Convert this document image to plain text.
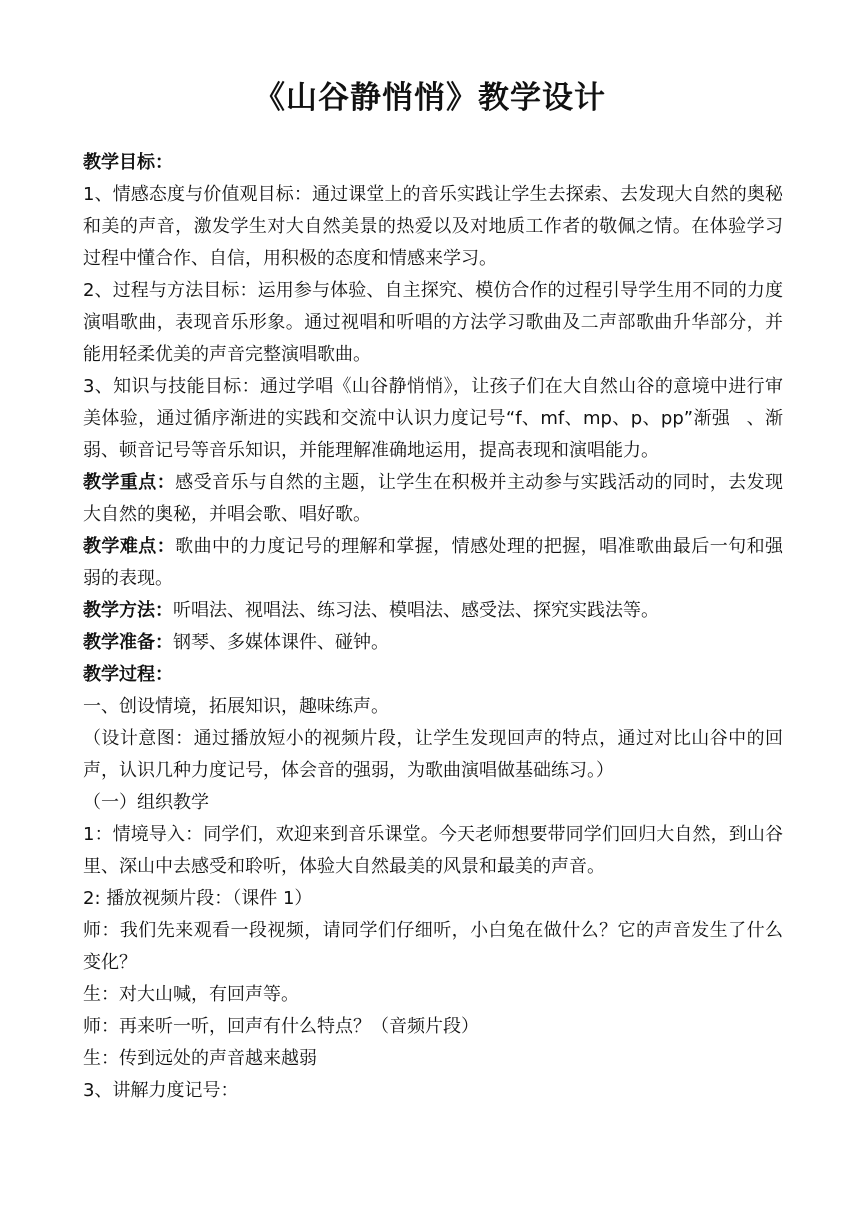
《山谷静悄悄》教学设计

教学目标：

1、情感态度与价值观目标：通过课堂上的音乐实践让学生去探索、去发现大自然的奥秘和美的声音，激发学生对大自然美景的热爱以及对地质工作者的敬佩之情。在体验学习过程中懂合作、自信，用积极的态度和情感来学习。

2、过程与方法目标：运用参与体验、自主探究、模仿合作的过程引导学生用不同的力度演唱歌曲，表现音乐形象。通过视唱和听唱的方法学习歌曲及二声部歌曲升华部分，并能用轻柔优美的声音完整演唱歌曲。

3、知识与技能目标：通过学唱《山谷静悄悄》，让孩子们在大自然山谷的意境中进行审美体验，通过循序渐进的实践和交流中认识力度记号“f、mf、mp、p、pp”渐强 、渐弱、顿音记号等音乐知识，并能理解准确地运用，提高表现和演唱能力。

教学重点：感受音乐与自然的主题，让学生在积极并主动参与实践活动的同时，去发现大自然的奥秘，并唱会歌、唱好歌。

教学难点：歌曲中的力度记号的理解和掌握，情感处理的把握，唱准歌曲最后一句和强弱的表现。

教学方法：听唱法、视唱法、练习法、模唱法、感受法、探究实践法等。

教学准备：钢琴、多媒体课件、碰钟。

教学过程：

一、创设情境，拓展知识，趣味练声。

（设计意图：通过播放短小的视频片段，让学生发现回声的特点，通过对比山谷中的回声，认识几种力度记号，体会音的强弱，为歌曲演唱做基础练习。）

（一）组织教学

1：情境导入：同学们，欢迎来到音乐课堂。今天老师想要带同学们回归大自然，到山谷里、深山中去感受和聆听，体验大自然最美的风景和最美的声音。

2: 播放视频片段：（课件 1）

师：我们先来观看一段视频，请同学们仔细听，小白兔在做什么？它的声音发生了什么变化？

生：对大山喊，有回声等。

师：再来听一听，回声有什么特点？（音频片段）

生：传到远处的声音越来越弱

3、讲解力度记号：
